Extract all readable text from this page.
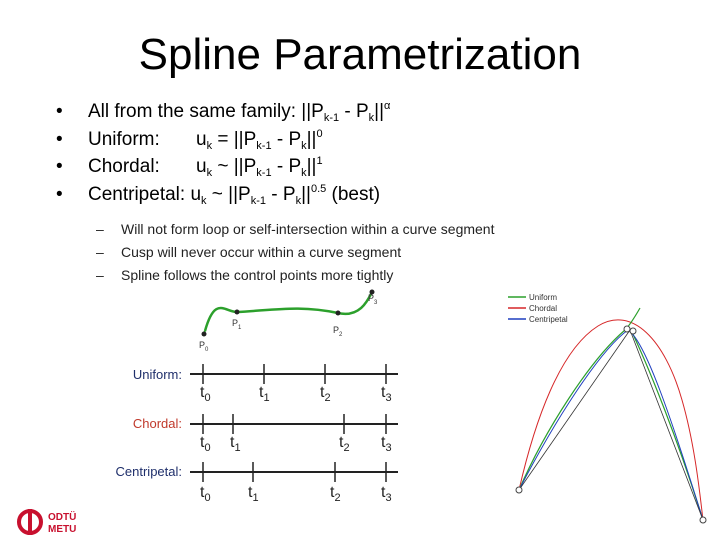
Spline Parametrization
• All from the same family: $||P_{k-1} - P_k||^\alpha$
• Uniform: $u_k = ||P_{k-1} - P_k||^0$
• Chordal: $u_k$ ~ $||P_{k-1} - P_k||^1$
• Centripetal: $u_k$ ~ $||P_{k-1} - P_k||^{0.5}$ (best)
– Will not form loop or self-intersection within a curve segment
– Cusp will never occur within a curve segment
– Spline follows the control points more tightly
$P_0$
$P_1$	$P_2$
$P_3$
Uniform:
$t_0$	$t_1$	$t_2$	$t_3$
Chordal:
$t_0$ $t_1$	$t_2$ $t_3$
Centripetal:
$t_0$ $t_1$	$t_2$	$t_3$
Uniform
Chordal
Centripetal
ODTÜ
METU
